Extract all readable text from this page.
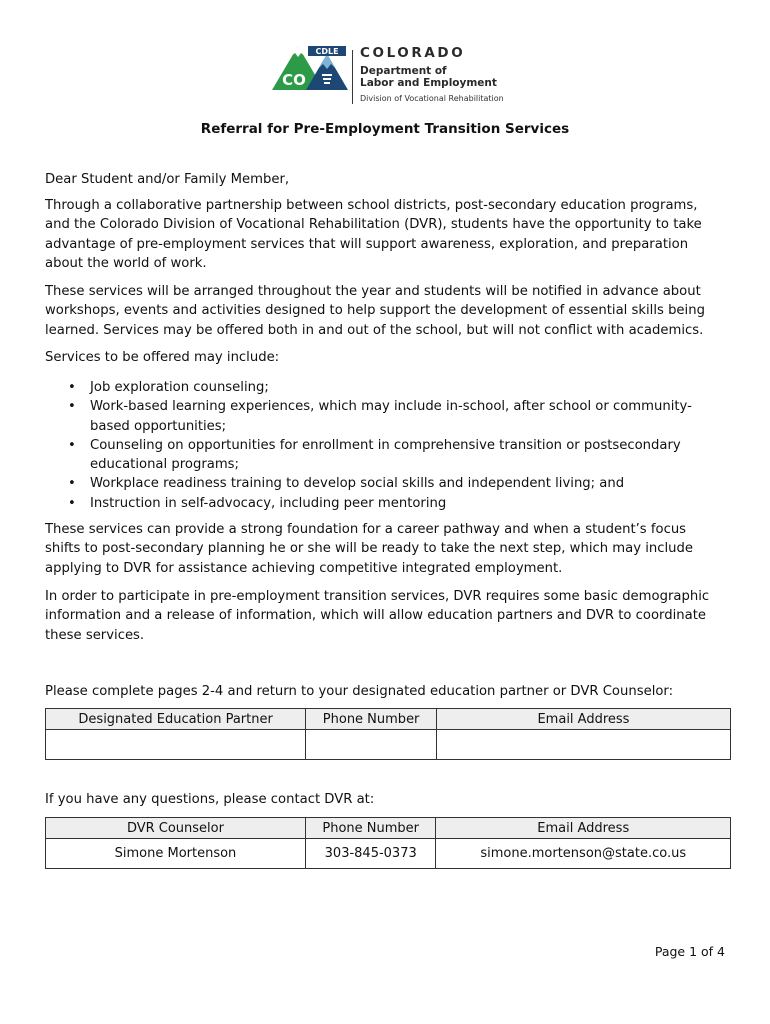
CDLE
CO
COLORADO
Department of
Labor and Employment
Division of Vocational Rehabilitation
Referral for Pre-Employment Transition Services
Dear Student and/or Family Member,
Through a collaborative partnership between school districts, post-secondary education programs,
and the Colorado Division of Vocational Rehabilitation (DVR), students have the opportunity to take
advantage of pre-employment services that will support awareness, exploration, and preparation
about the world of work.
These services will be arranged throughout the year and students will be notified in advance about
workshops, events and activities designed to help support the development of essential skills being
learned. Services may be offered both in and out of the school, but will not conflict with academics.
Services to be offered may include:
• Job exploration counseling;
• Work-based learning experiences, which may include in-school, after school or community-
based opportunities;
• Counseling on opportunities for enrollment in comprehensive transition or postsecondary
educational programs;
• Workplace readiness training to develop social skills and independent living; and
• Instruction in self-advocacy, including peer mentoring
These services can provide a strong foundation for a career pathway and when a student’s focus
shifts to post-secondary planning he or she will be ready to take the next step, which may include
applying to DVR for assistance achieving competitive integrated employment.
In order to participate in pre-employment transition services, DVR requires some basic demographic
information and a release of information, which will allow education partners and DVR to coordinate
these services.
Please complete pages 2-4 and return to your designated education partner or DVR Counselor:
Designated Education Partner	Phone Number	Email Address

If you have any questions, please contact DVR at:
DVR Counselor	Phone Number	Email Address
Simone Mortenson	303-845-0373	simone.mortenson@state.co.us
Page 1 of 4
